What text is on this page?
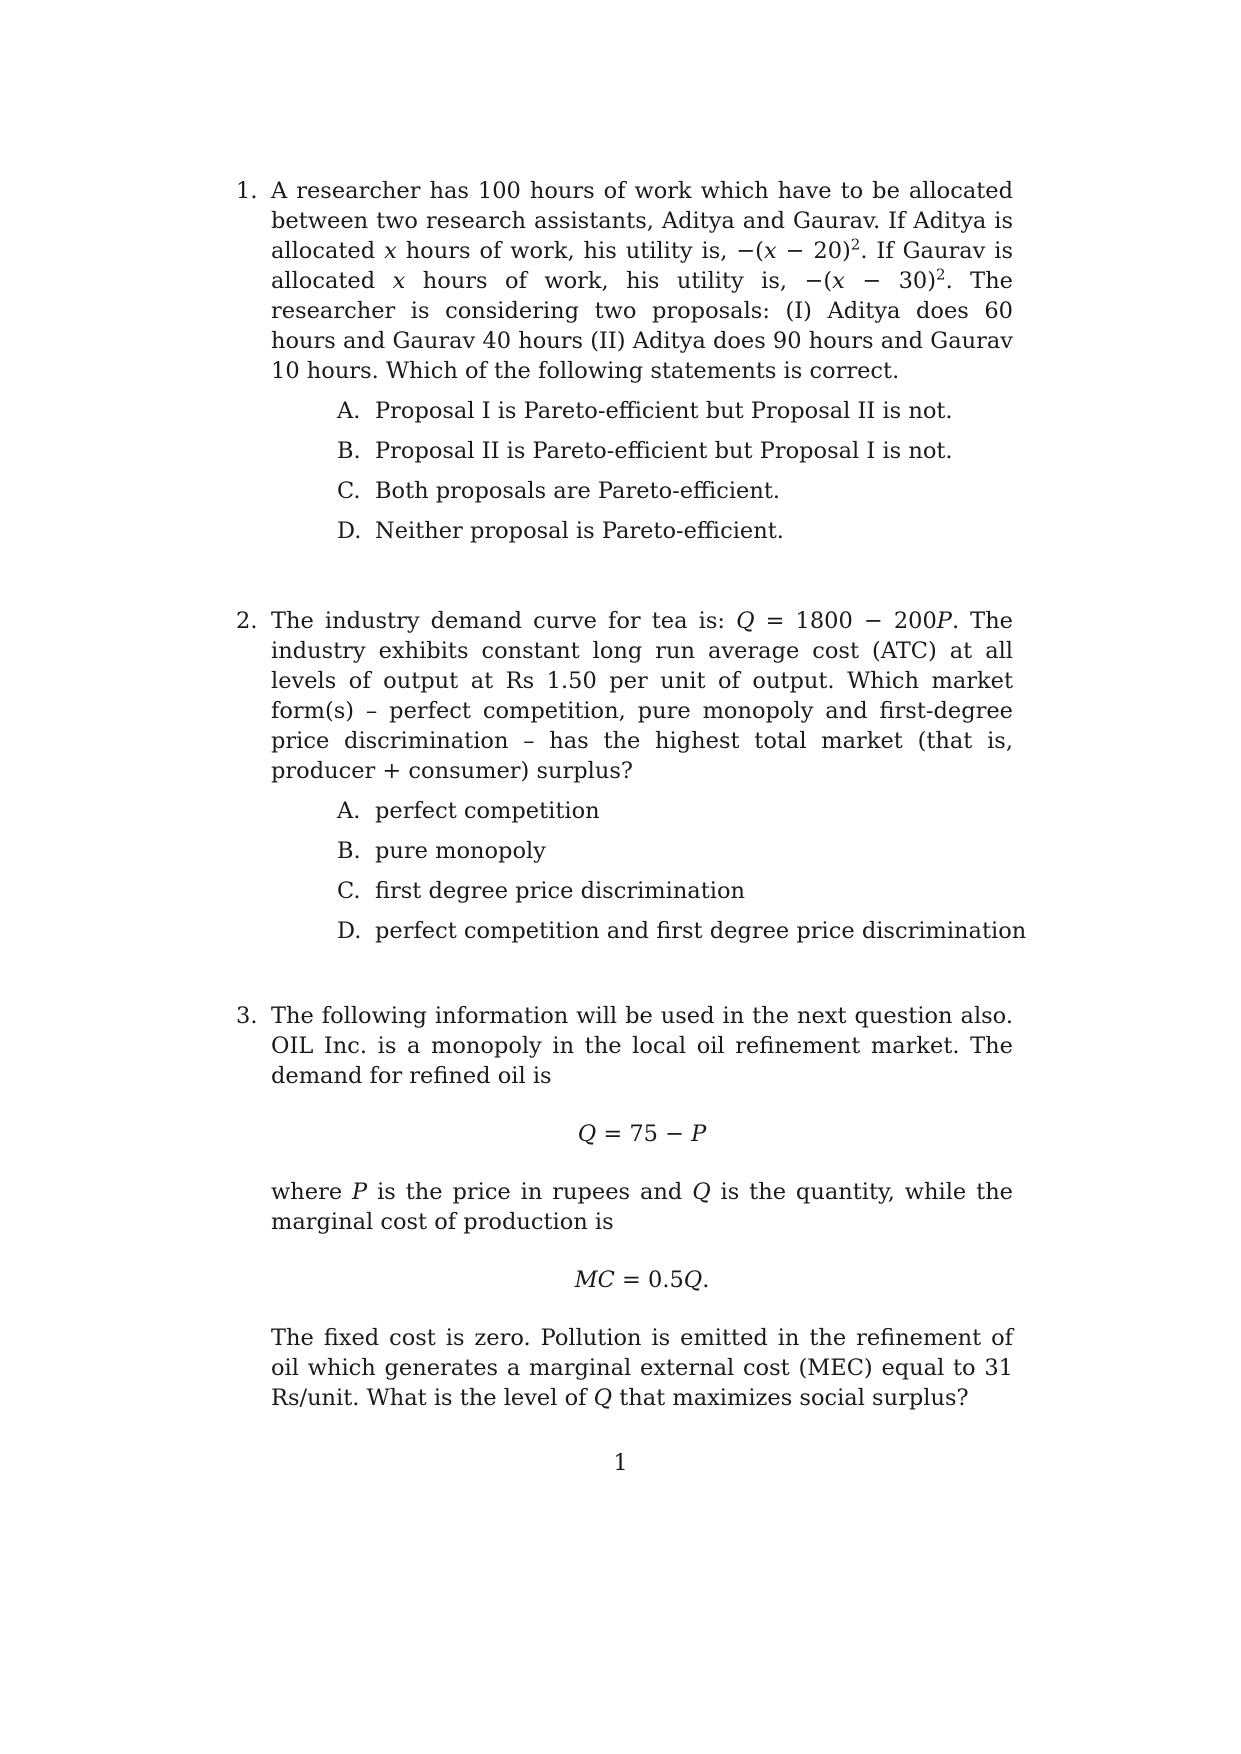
1. A researcher has 100 hours of work which have to be allocated between two research assistants, Aditya and Gaurav. If Aditya is allocated x hours of work, his utility is, $-(x - 20)^2$. If Gaurav is allocated x hours of work, his utility is, $-(x - 30)^2$. The researcher is considering two proposals: (I) Aditya does 60 hours and Gaurav 40 hours (II) Aditya does 90 hours and Gaurav 10 hours. Which of the following statements is correct.

A. Proposal I is Pareto-efficient but Proposal II is not.
B. Proposal II is Pareto-efficient but Proposal I is not.
C. Both proposals are Pareto-efficient.
D. Neither proposal is Pareto-efficient.
2. The industry demand curve for tea is: Q = 1800 − 200P. The industry exhibits constant long run average cost (ATC) at all levels of output at Rs 1.50 per unit of output. Which market form(s) – perfect competition, pure monopoly and first-degree price discrimination – has the highest total market (that is, producer + consumer) surplus?

A. perfect competition
B. pure monopoly
C. first degree price discrimination
D. perfect competition and first degree price discrimination
3. The following information will be used in the next question also. OIL Inc. is a monopoly in the local oil refinement market. The demand for refined oil is

Q = 75 − P

where P is the price in rupees and Q is the quantity, while the marginal cost of production is

MC = 0.5Q.

The fixed cost is zero. Pollution is emitted in the refinement of oil which generates a marginal external cost (MEC) equal to 31 Rs/unit. What is the level of Q that maximizes social surplus?

1
